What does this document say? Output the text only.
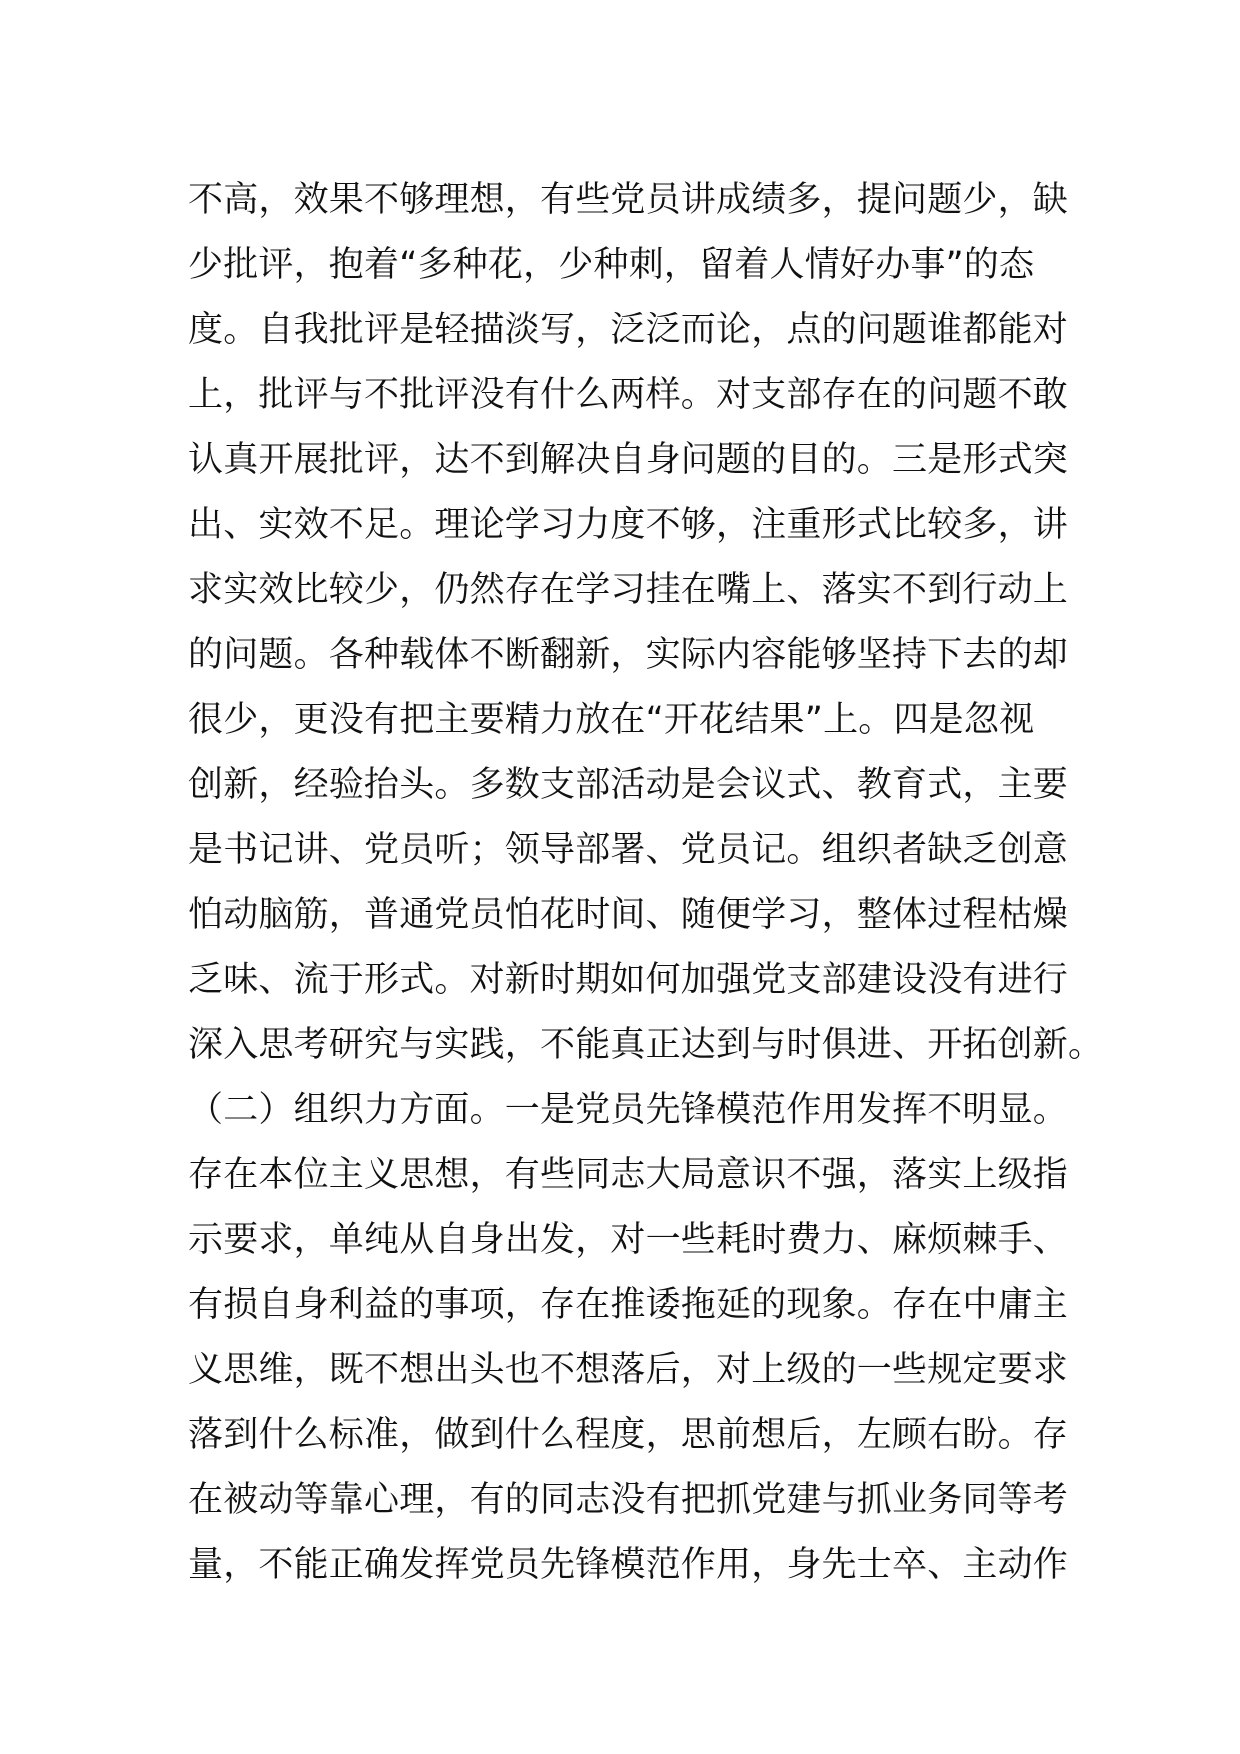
不高，效果不够理想，有些党员讲成绩多，提问题少，缺
少批评，抱着“多种花，少种刺，留着人情好办事”的态
度。自我批评是轻描淡写，泛泛而论，点的问题谁都能对
上，批评与不批评没有什么两样。对支部存在的问题不敢
认真开展批评，达不到解决自身问题的目的。三是形式突
出、实效不足。理论学习力度不够，注重形式比较多，讲
求实效比较少，仍然存在学习挂在嘴上、落实不到行动上
的问题。各种载体不断翻新，实际内容能够坚持下去的却
很少，更没有把主要精力放在“开花结果”上。四是忽视
创新，经验抬头。多数支部活动是会议式、教育式，主要
是书记讲、党员听；领导部署、党员记。组织者缺乏创意
怕动脑筋，普通党员怕花时间、随便学习，整体过程枯燥
乏味、流于形式。对新时期如何加强党支部建设没有进行
深入思考研究与实践，不能真正达到与时俱进、开拓创新。
（二）组织力方面。一是党员先锋模范作用发挥不明显。
存在本位主义思想，有些同志大局意识不强，落实上级指
示要求，单纯从自身出发，对一些耗时费力、麻烦棘手、
有损自身利益的事项，存在推诿拖延的现象。存在中庸主
义思维，既不想出头也不想落后，对上级的一些规定要求
落到什么标准，做到什么程度，思前想后，左顾右盼。存
在被动等靠心理，有的同志没有把抓党建与抓业务同等考
量，不能正确发挥党员先锋模范作用，身先士卒、主动作
